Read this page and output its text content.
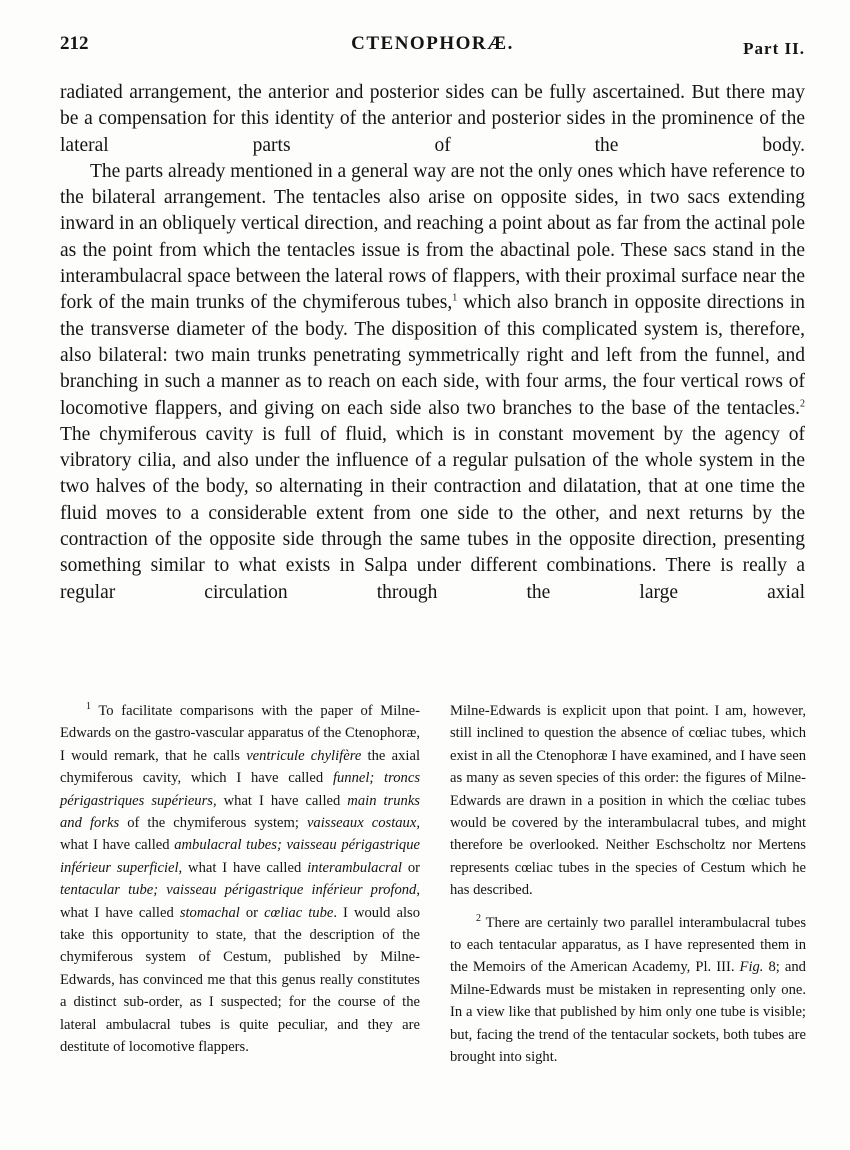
212	CTENOPHORÆ.	Part II.

radiated arrangement, the anterior and posterior sides can be fully ascertained. But there may be a compensation for this identity of the anterior and posterior sides in the prominence of the lateral parts of the body.

The parts already mentioned in a general way are not the only ones which have reference to the bilateral arrangement. The tentacles also arise on opposite sides, in two sacs extending inward in an obliquely vertical direction, and reaching a point about as far from the actinal pole as the point from which the tentacles issue is from the abactinal pole. These sacs stand in the interambulacral space between the lateral rows of flappers, with their proximal surface near the fork of the main trunks of the chymiferous tubes,$^1$ which also branch in opposite directions in the transverse diameter of the body. The disposition of this complicated system is, therefore, also bilateral: two main trunks penetrating symmetrically right and left from the funnel, and branching in such a manner as to reach on each side, with four arms, the four vertical rows of locomotive flappers, and giving on each side also two branches to the base of the tentacles.$^2$ The chymiferous cavity is full of fluid, which is in constant movement by the agency of vibratory cilia, and also under the influence of a regular pulsation of the whole system in the two halves of the body, so alternating in their contraction and dilatation, that at one time the fluid moves to a considerable extent from one side to the other, and next returns by the contraction of the opposite side through the same tubes in the opposite direction, presenting something similar to what exists in Salpa under different combinations. There is really a regular circulation through the large axial

$^1$ To facilitate comparisons with the paper of Milne-Edwards on the gastro-vascular apparatus of the Ctenophoræ, I would remark, that he calls ventricule chylifère the axial chymiferous cavity, which I have called funnel; troncs périgastriques supérieurs, what I have called main trunks and forks of the chymiferous system; vaisseaux costaux, what I have called ambulacral tubes; vaisseau périgastrique inférieur superficiel, what I have called interambulacral or tentacular tube; vaisseau périgastrique inférieur profond, what I have called stomachal or cœliac tube. I would also take this opportunity to state, that the description of the chymiferous system of Cestum, published by Milne-Edwards, has convinced me that this genus really constitutes a distinct sub-order, as I suspected; for the course of the lateral ambulacral tubes is quite peculiar, and they are destitute of locomotive flappers.

Milne-Edwards is explicit upon that point. I am, however, still inclined to question the absence of cœliac tubes, which exist in all the Ctenophoræ I have examined, and I have seen as many as seven species of this order: the figures of Milne-Edwards are drawn in a position in which the cœliac tubes would be covered by the interambulacral tubes, and might therefore be overlooked. Neither Eschscholtz nor Mertens represents cœliac tubes in the species of Cestum which he has described.

$^2$ There are certainly two parallel interambulacral tubes to each tentacular apparatus, as I have represented them in the Memoirs of the American Academy, Pl. III. Fig. 8; and Milne-Edwards must be mistaken in representing only one. In a view like that published by him only one tube is visible; but, facing the trend of the tentacular sockets, both tubes are brought into sight.
